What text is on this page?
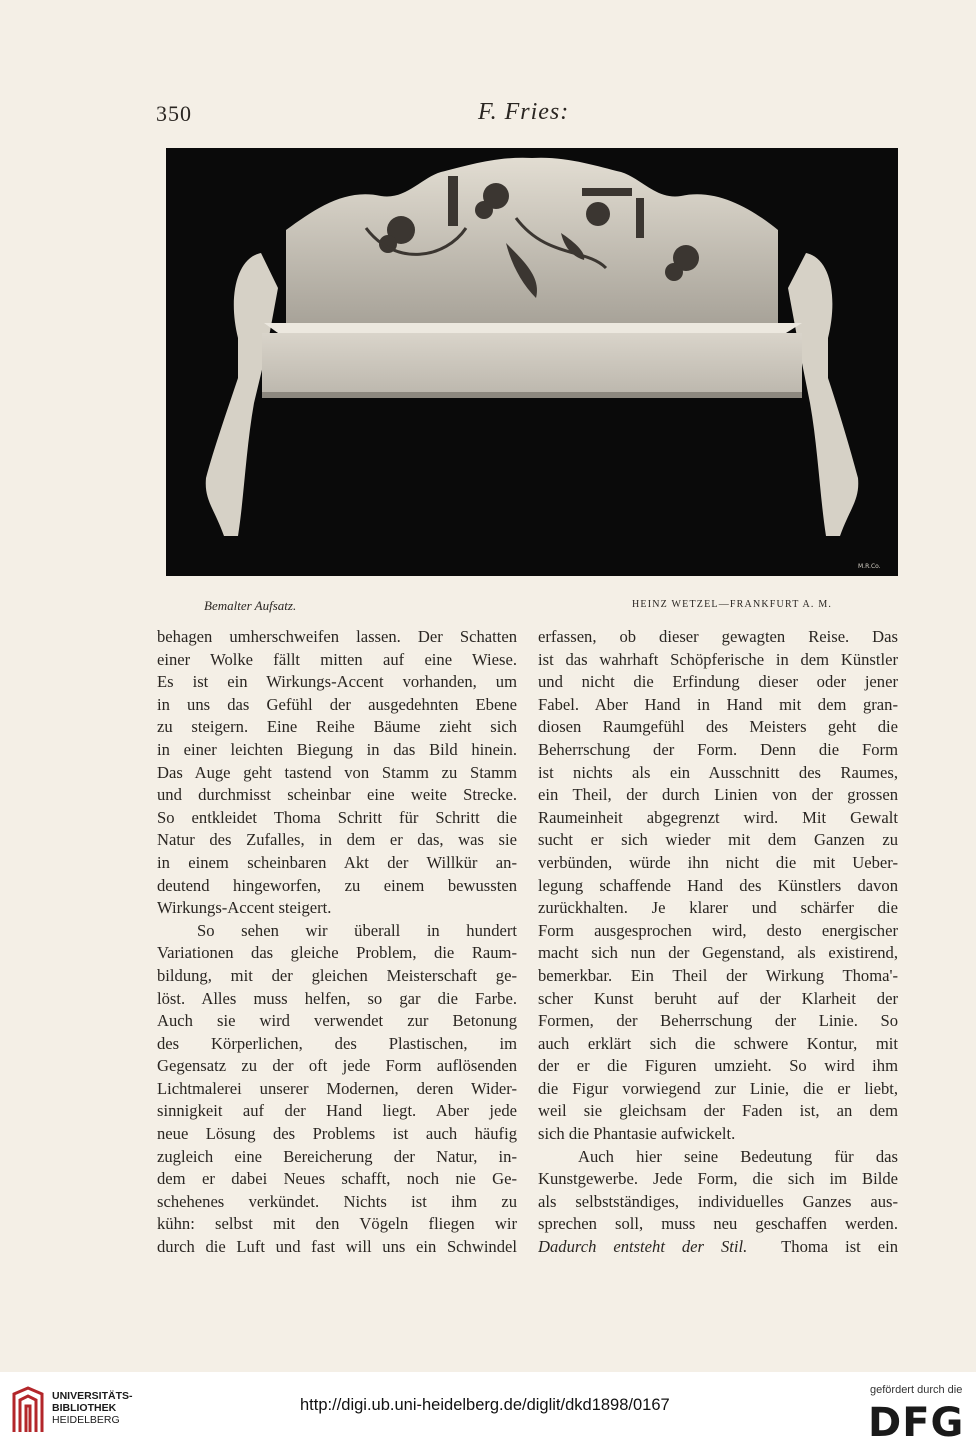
350	F. Fries:
M.R.Co.
Bemalter Aufsatz.	HEINZ WETZEL—FRANKFURT A. M.
behagen umherschweifen lassen. Der Schatten
einer Wolke fällt mitten auf eine Wiese.
Es ist ein Wirkungs-Accent vorhanden, um
in uns das Gefühl der ausgedehnten Ebene
zu steigern. Eine Reihe Bäume zieht sich
in einer leichten Biegung in das Bild hinein.
Das Auge geht tastend von Stamm zu Stamm
und durchmisst scheinbar eine weite Strecke.
So entkleidet Thoma Schritt für Schritt die
Natur des Zufalles, in dem er das, was sie
in einem scheinbaren Akt der Willkür an-
deutend hingeworfen, zu einem bewussten
Wirkungs-Accent steigert.
So sehen wir überall in hundert
Variationen das gleiche Problem, die Raum-
bildung, mit der gleichen Meisterschaft ge-
löst. Alles muss helfen, so gar die Farbe.
Auch sie wird verwendet zur Betonung
des Körperlichen, des Plastischen, im
Gegensatz zu der oft jede Form auflösenden
Lichtmalerei unserer Modernen, deren Wider-
sinnigkeit auf der Hand liegt. Aber jede
neue Lösung des Problems ist auch häufig
zugleich eine Bereicherung der Natur, in-
dem er dabei Neues schafft, noch nie Ge-
schehenes verkündet. Nichts ist ihm zu
kühn: selbst mit den Vögeln fliegen wir
durch die Luft und fast will uns ein Schwindel
erfassen, ob dieser gewagten Reise. Das
ist das wahrhaft Schöpferische in dem Künstler
und nicht die Erfindung dieser oder jener
Fabel. Aber Hand in Hand mit dem gran-
diosen Raumgefühl des Meisters geht die
Beherrschung der Form. Denn die Form
ist nichts als ein Ausschnitt des Raumes,
ein Theil, der durch Linien von der grossen
Raumeinheit abgegrenzt wird. Mit Gewalt
sucht er sich wieder mit dem Ganzen zu
verbünden, würde ihn nicht die mit Ueber-
legung schaffende Hand des Künstlers davon
zurückhalten. Je klarer und schärfer die
Form ausgesprochen wird, desto energischer
macht sich nun der Gegenstand, als existirend,
bemerkbar. Ein Theil der Wirkung Thoma'-
scher Kunst beruht auf der Klarheit der
Formen, der Beherrschung der Linie. So
auch erklärt sich die schwere Kontur, mit
der er die Figuren umzieht. So wird ihm
die Figur vorwiegend zur Linie, die er liebt,
weil sie gleichsam der Faden ist, an dem
sich die Phantasie aufwickelt.
Auch hier seine Bedeutung für das
Kunstgewerbe. Jede Form, die sich im Bilde
als selbstständiges, individuelles Ganzes aus-
sprechen soll, muss neu geschaffen werden.
Dadurch entsteht der Stil. Thoma ist ein
UNIVERSITÄTS-
BIBLIOTHEK
HEIDELBERG
http://digi.ub.uni-heidelberg.de/diglit/dkd1898/0167
gefördert durch die
DFG
